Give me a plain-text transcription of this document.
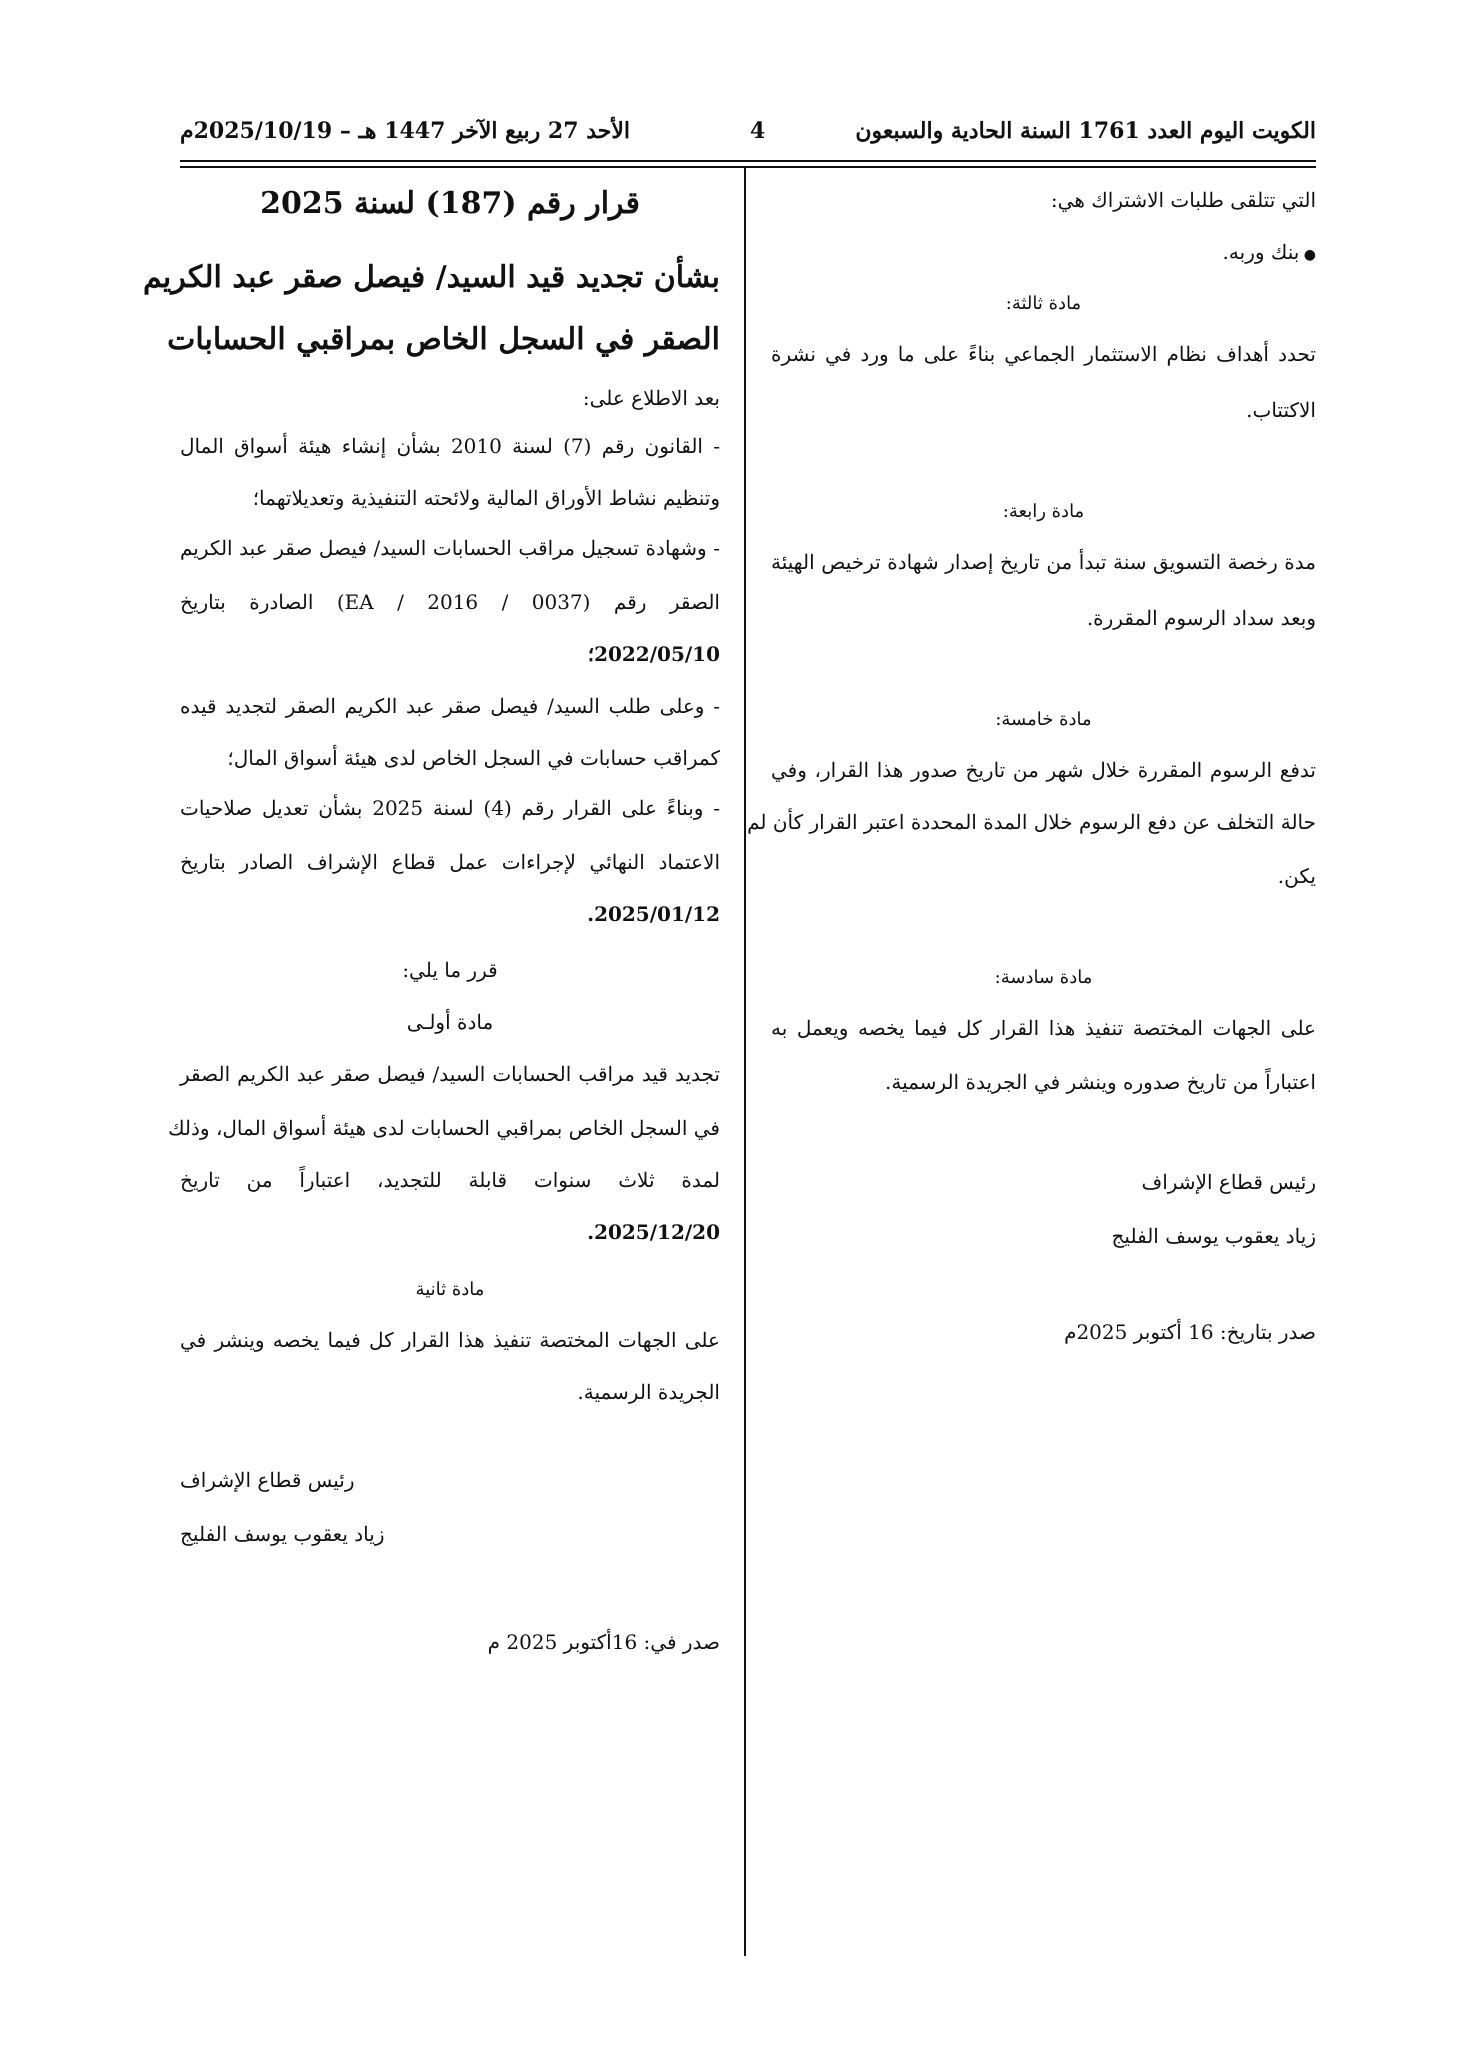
الكويت اليوم العدد 1761 السنة الحادية والسبعون
4
الأحد 27 ربيع الآخر 1447 هـ – 2025/10/19م
التي تتلقى طلبات الاشتراك هي:
● بنك وربه.
مادة ثالثة:
تحدد أهداف نظام الاستثمار الجماعي بناءً على ما ورد في نشرة
الاكتتاب.
مادة رابعة:
مدة رخصة التسويق سنة تبدأ من تاريخ إصدار شهادة ترخيص الهيئة
وبعد سداد الرسوم المقررة.
مادة خامسة:
تدفع الرسوم المقررة خلال شهر من تاريخ صدور هذا القرار، وفي
حالة التخلف عن دفع الرسوم خلال المدة المحددة اعتبر القرار كأن لم
يكن.
مادة سادسة:
على الجهات المختصة تنفيذ هذا القرار كل فيما يخصه ويعمل به
اعتباراً من تاريخ صدوره وينشر في الجريدة الرسمية.
رئيس قطاع الإشراف
زياد يعقوب يوسف الفليج
صدر بتاريخ: 16 أكتوبر 2025م
قرار رقم (187) لسنة 2025
بشأن تجديد قيد السيد/ فيصل صقر عبد الكريم
الصقر في السجل الخاص بمراقبي الحسابات
بعد الاطلاع على:
- القانون رقم (7) لسنة 2010 بشأن إنشاء هيئة أسواق المال
وتنظيم نشاط الأوراق المالية ولائحته التنفيذية وتعديلاتهما؛
- وشهادة تسجيل مراقب الحسابات السيد/ فيصل صقر عبد الكريم
الصقر رقم (EA / 2016 / 0037) الصادرة بتاريخ
2022/05/10؛
- وعلى طلب السيد/ فيصل صقر عبد الكريم الصقر لتجديد قيده
كمراقب حسابات في السجل الخاص لدى هيئة أسواق المال؛
- وبناءً على القرار رقم (4) لسنة 2025 بشأن تعديل صلاحيات
الاعتماد النهائي لإجراءات عمل قطاع الإشراف الصادر بتاريخ
2025/01/12.
قرر ما يلي:
مادة أولـى
تجديد قيد مراقب الحسابات السيد/ فيصل صقر عبد الكريم الصقر
في السجل الخاص بمراقبي الحسابات لدى هيئة أسواق المال، وذلك
لمدة ثلاث سنوات قابلة للتجديد، اعتباراً من تاريخ
2025/12/20.
مادة ثانية
على الجهات المختصة تنفيذ هذا القرار كل فيما يخصه وينشر في
الجريدة الرسمية.
رئيس قطاع الإشراف
زياد يعقوب يوسف الفليج
صدر في: 16أكتوبر 2025 م
